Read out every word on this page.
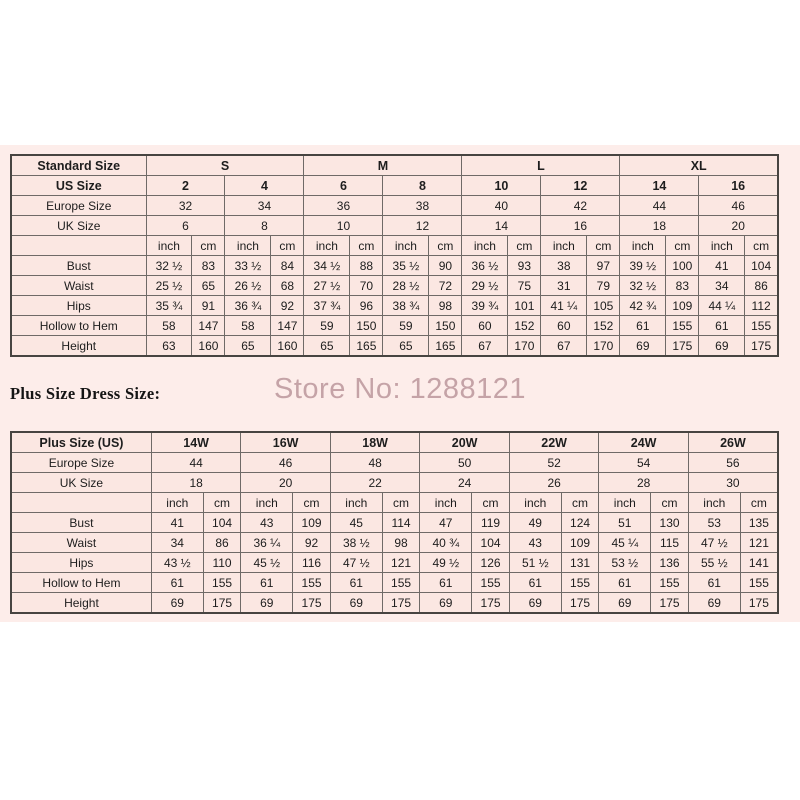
Standard Size	S				M				L				XL			
US Size	2		4		6		8		10		12		14		16	
Europe Size	32		34		36		38		40		42		44		46	
UK Size	6		8		10		12		14		16		18		20	
	inch	cm	inch	cm	inch	cm	inch	cm	inch	cm	inch	cm	inch	cm	inch	cm
Bust	32 ½	83	33 ½	84	34 ½	88	35 ½	90	36 ½	93	38	97	39 ½	100	41	104
Waist	25 ½	65	26 ½	68	27 ½	70	28 ½	72	29 ½	75	31	79	32 ½	83	34	86
Hips	35 ¾	91	36 ¾	92	37 ¾	96	38 ¾	98	39 ¾	101	41 ¼	105	42 ¾	109	44 ¼	112
Hollow to Hem	58	147	58	147	59	150	59	150	60	152	60	152	61	155	61	155
Height	63	160	65	160	65	165	65	165	67	170	67	170	69	175	69	175
Plus Size Dress Size:	Store No: 1288121
Plus Size (US)	14W		16W		18W		20W		22W		24W		26W	
Europe Size	44		46		48		50		52		54		56	
UK Size	18		20		22		24		26		28		30	
	inch	cm	inch	cm	inch	cm	inch	cm	inch	cm	inch	cm	inch	cm
Bust	41	104	43	109	45	114	47	119	49	124	51	130	53	135
Waist	34	86	36 ¼	92	38 ½	98	40 ¾	104	43	109	45 ¼	115	47 ½	121
Hips	43 ½	110	45 ½	116	47 ½	121	49 ½	126	51 ½	131	53 ½	136	55 ½	141
Hollow to Hem	61	155	61	155	61	155	61	155	61	155	61	155	61	155
Height	69	175	69	175	69	175	69	175	69	175	69	175	69	175
